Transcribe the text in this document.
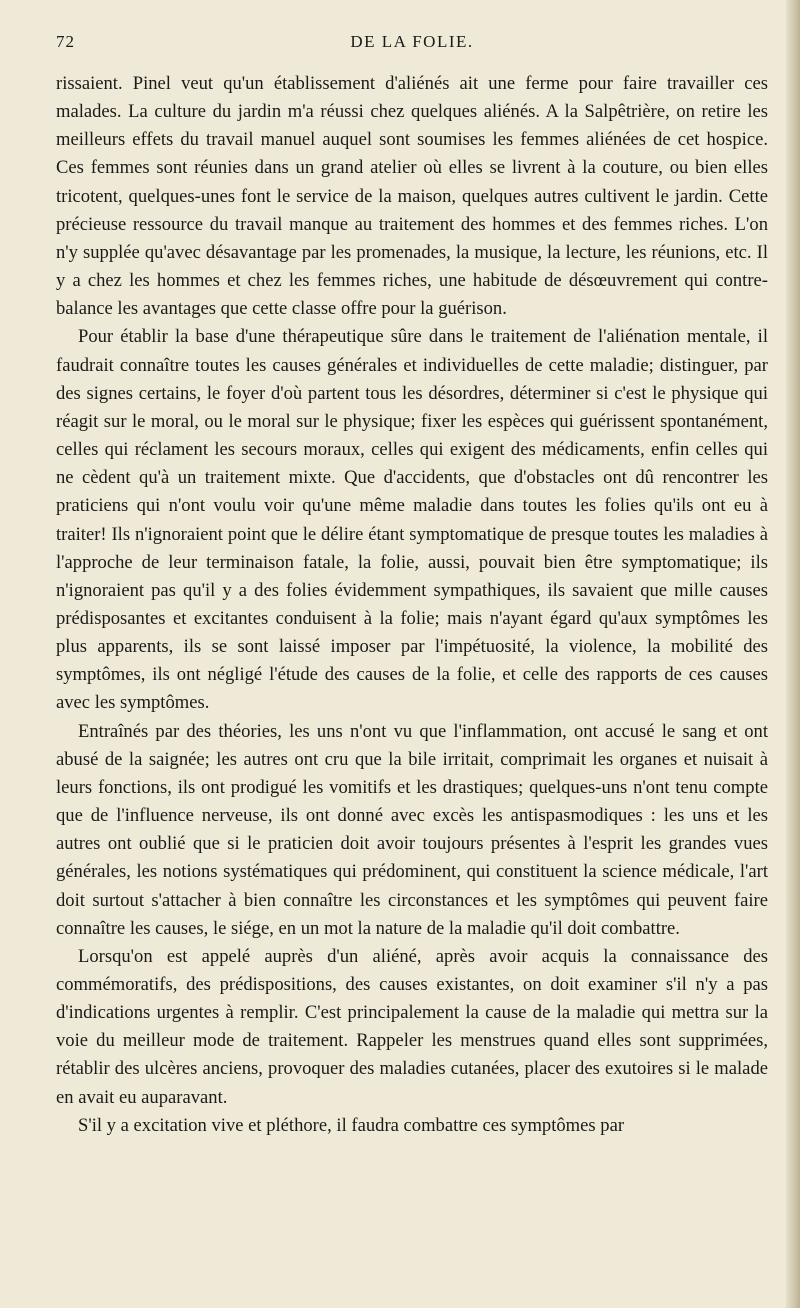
72	DE LA FOLIE.

rissaient. Pinel veut qu'un établissement d'aliénés ait une ferme pour faire travailler ces malades. La culture du jardin m'a réussi chez quelques aliénés. A la Salpêtrière, on retire les meilleurs effets du travail manuel auquel sont soumises les femmes aliénées de cet hospice. Ces femmes sont réunies dans un grand atelier où elles se livrent à la couture, ou bien elles tricotent, quelques-unes font le service de la maison, quelques autres cultivent le jardin. Cette précieuse ressource du travail manque au traitement des hommes et des femmes riches. L'on n'y supplée qu'avec désavantage par les promenades, la musique, la lecture, les réunions, etc. Il y a chez les hommes et chez les femmes riches, une habitude de désœuvrement qui contre-balance les avantages que cette classe offre pour la guérison.

Pour établir la base d'une thérapeutique sûre dans le traitement de l'aliénation mentale, il faudrait connaître toutes les causes générales et individuelles de cette maladie; distinguer, par des signes certains, le foyer d'où partent tous les désordres, déterminer si c'est le physique qui réagit sur le moral, ou le moral sur le physique; fixer les espèces qui guérissent spontanément, celles qui réclament les secours moraux, celles qui exigent des médicaments, enfin celles qui ne cèdent qu'à un traitement mixte. Que d'accidents, que d'obstacles ont dû rencontrer les praticiens qui n'ont voulu voir qu'une même maladie dans toutes les folies qu'ils ont eu à traiter! Ils n'ignoraient point que le délire étant symptomatique de presque toutes les maladies à l'approche de leur terminaison fatale, la folie, aussi, pouvait bien être symptomatique; ils n'ignoraient pas qu'il y a des folies évidemment sympathiques, ils savaient que mille causes prédisposantes et excitantes conduisent à la folie; mais n'ayant égard qu'aux symptômes les plus apparents, ils se sont laissé imposer par l'impétuosité, la violence, la mobilité des symptômes, ils ont négligé l'étude des causes de la folie, et celle des rapports de ces causes avec les symptômes.

Entraînés par des théories, les uns n'ont vu que l'inflammation, ont accusé le sang et ont abusé de la saignée; les autres ont cru que la bile irritait, comprimait les organes et nuisait à leurs fonctions, ils ont prodigué les vomitifs et les drastiques; quelques-uns n'ont tenu compte que de l'influence nerveuse, ils ont donné avec excès les antispasmodiques : les uns et les autres ont oublié que si le praticien doit avoir toujours présentes à l'esprit les grandes vues générales, les notions systématiques qui prédominent, qui constituent la science médicale, l'art doit surtout s'attacher à bien connaître les circonstances et les symptômes qui peuvent faire connaître les causes, le siége, en un mot la nature de la maladie qu'il doit combattre.

Lorsqu'on est appelé auprès d'un aliéné, après avoir acquis la connaissance des commémoratifs, des prédispositions, des causes existantes, on doit examiner s'il n'y a pas d'indications urgentes à remplir. C'est principalement la cause de la maladie qui mettra sur la voie du meilleur mode de traitement. Rappeler les menstrues quand elles sont supprimées, rétablir des ulcères anciens, provoquer des maladies cutanées, placer des exutoires si le malade en avait eu auparavant.

S'il y a excitation vive et pléthore, il faudra combattre ces symptômes par
